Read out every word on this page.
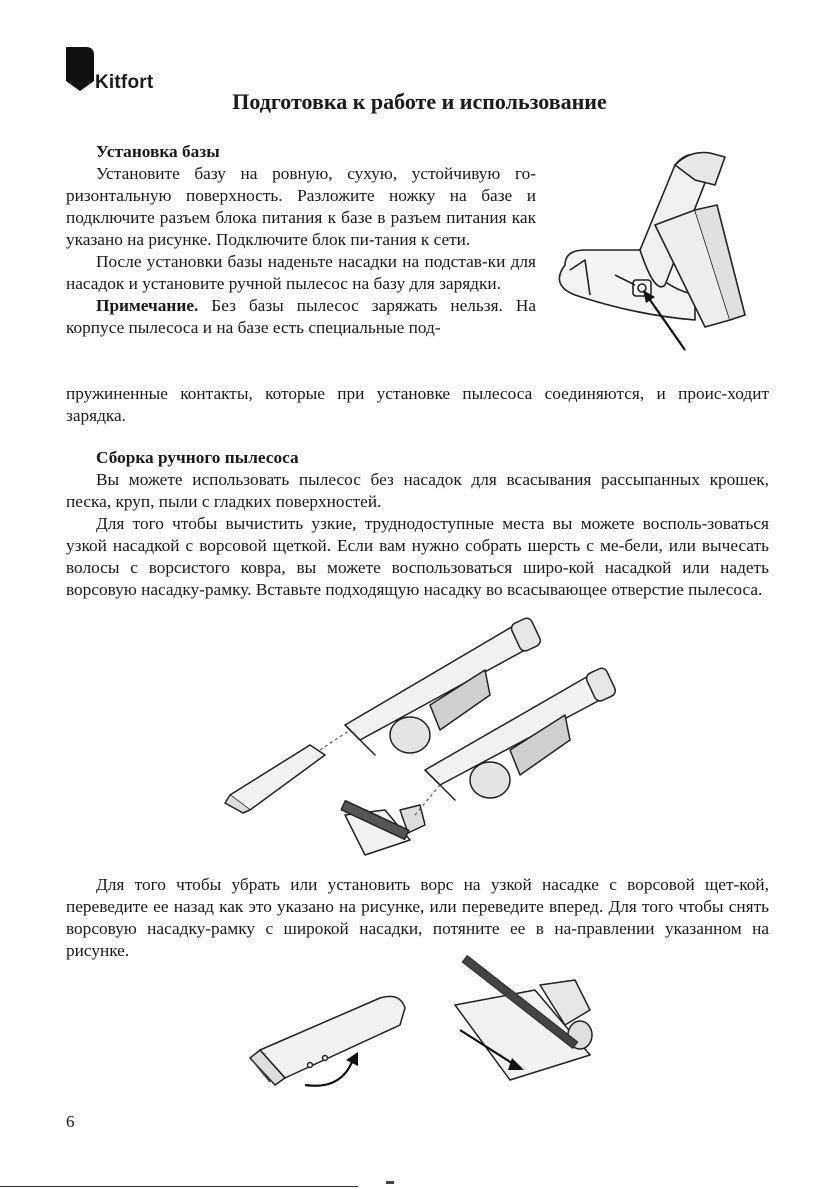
Kitfort
Подготовка к работе и использование

Установка базы

Установите базу на ровную, сухую, устойчивую го-ризонтальную поверхность. Разложите ножку на базе и подключите разъем блока питания к базе в разъем питания как указано на рисунке. Подключите блок пи-тания к сети.

После установки базы наденьте насадки на подстав-ки для насадок и установите ручной пылесос на базу для зарядки.

Примечание. Без базы пылесос заряжать нельзя. На корпусе пылесоса и на базе есть специальные под-

пружиненные контакты, которые при установке пылесоса соединяются, и проис-ходит зарядка.

Сборка ручного пылесоса

Вы можете использовать пылесос без насадок для всасывания рассыпанных крошек, песка, круп, пыли с гладких поверхностей.

Для того чтобы вычистить узкие, труднодоступные места вы можете восполь-зоваться узкой насадкой с ворсовой щеткой. Если вам нужно собрать шерсть с ме-бели, или вычесать волосы с ворсистого ковра, вы можете воспользоваться широ-кой насадкой или надеть ворсовую насадку-рамку. Вставьте подходящую насадку во всасывающее отверстие пылесоса.

Для того чтобы убрать или установить ворс на узкой насадке с ворсовой щет-кой, переведите ее назад как это указано на рисунке, или переведите вперед. Для того чтобы снять ворсовую насадку-рамку с широкой насадки, потяните ее в на-правлении указанном на рисунке.

6
